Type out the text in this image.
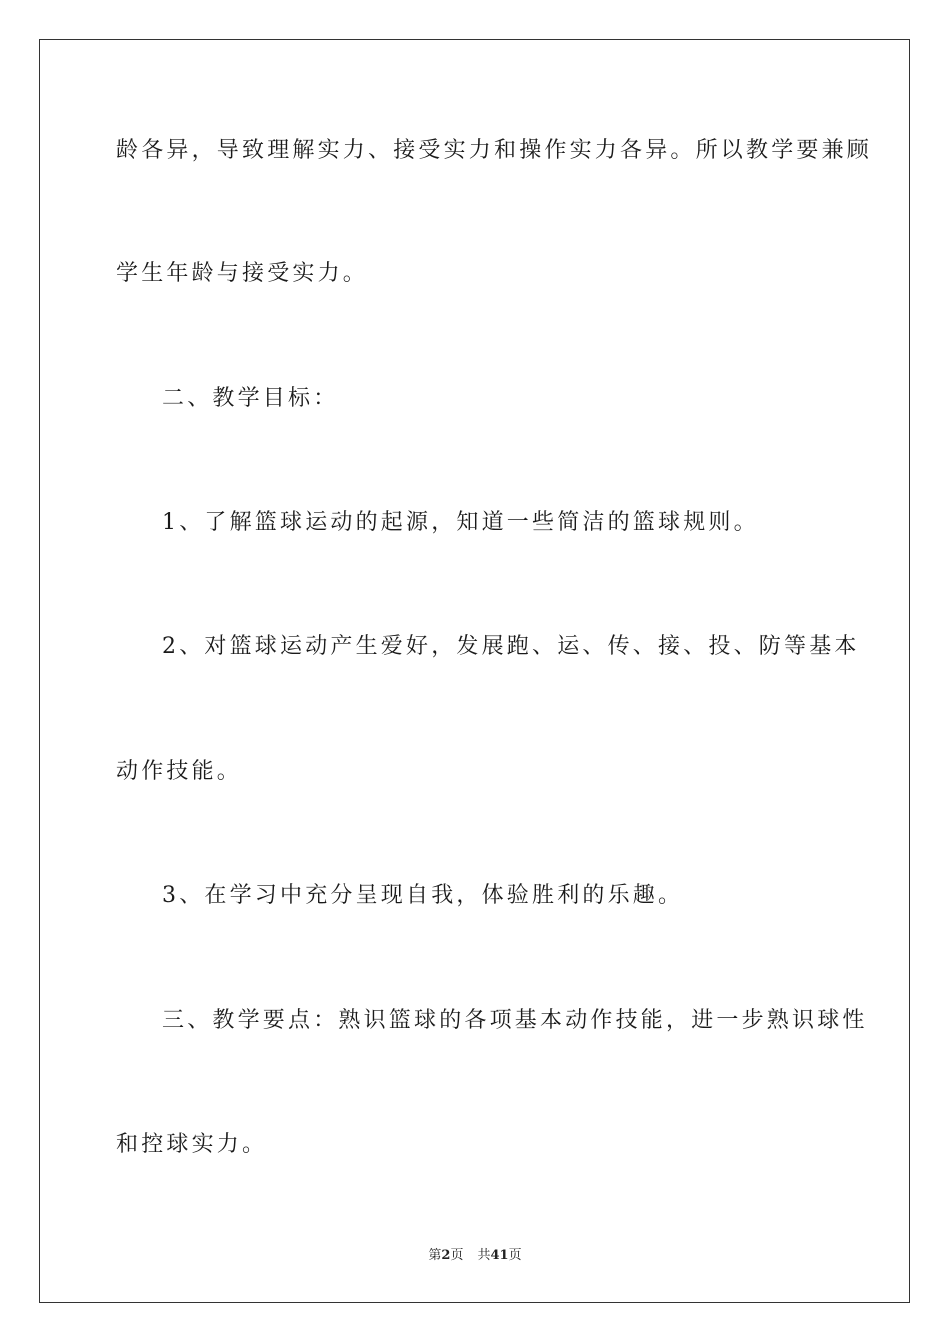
龄各异，导致理解实力、接受实力和操作实力各异。所以教学要兼顾
学生年龄与接受实力。
二、教学目标：
1、了解篮球运动的起源，知道一些简洁的篮球规则。
2、对篮球运动产生爱好，发展跑、运、传、接、投、防等基本
动作技能。
3、在学习中充分呈现自我，体验胜利的乐趣。
三、教学要点：熟识篮球的各项基本动作技能，进一步熟识球性
和控球实力。
第2页 共41页
